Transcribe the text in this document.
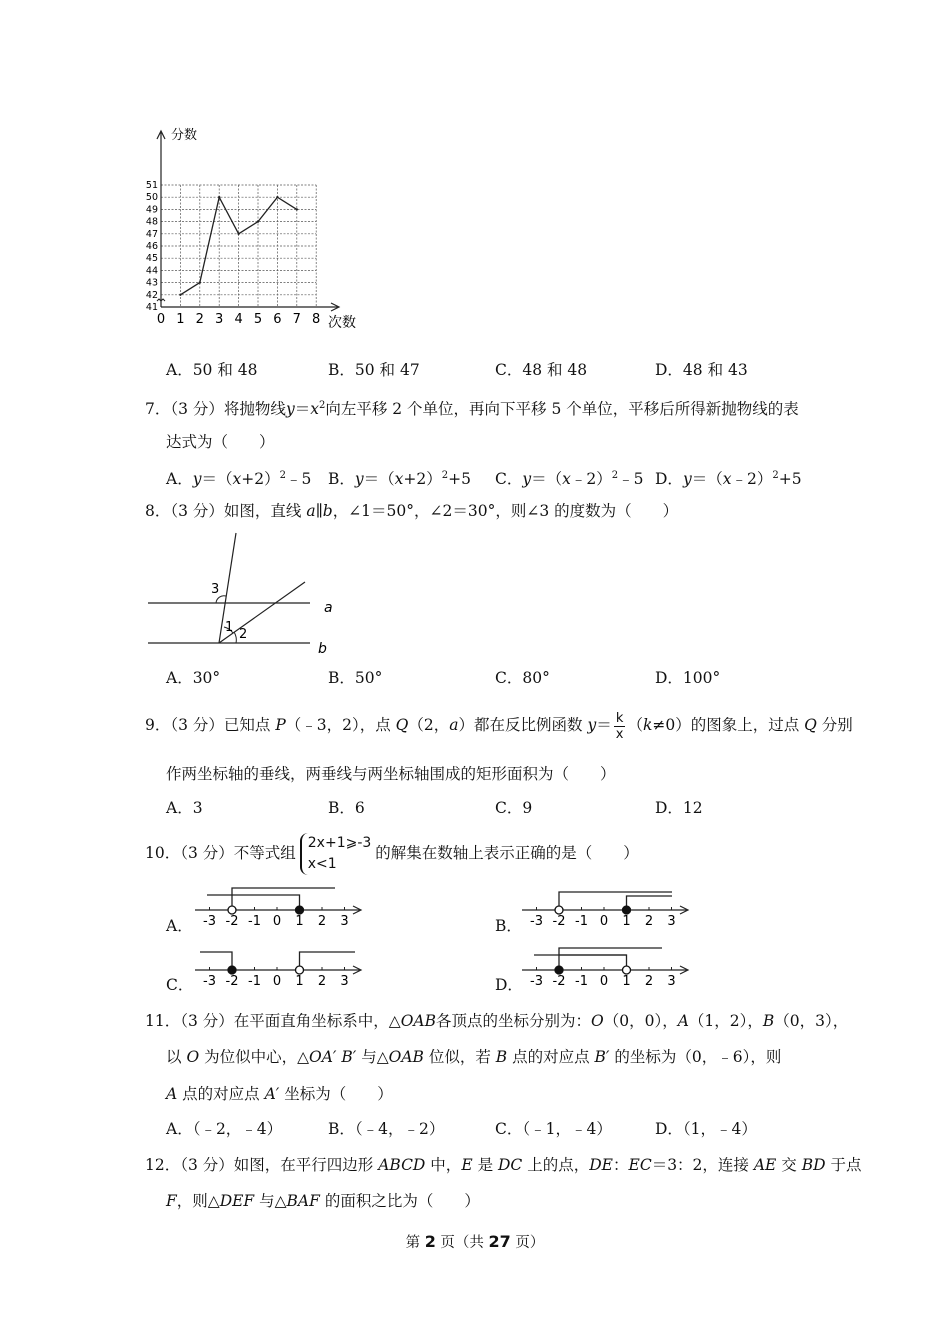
0 1 2 3 4 5 6 7 8
41
42
43
44
45
46
47
48
49
50
51
分数
次数
A．50 和 48	B．50 和 47	C．48 和 48	D．48 和 43
7．（3 分）将抛物线$y=x^2$向左平移 2 个单位，再向下平移 5 个单位，平移后所得新抛物线的表
达式为（　　）
A．$y=(x+2)^2﹣5$ B．$y=(x+2)^2+5$ C．y＝（x﹣2）$^2$﹣5 D．y＝（x﹣2）$^2$+5
8．（3 分）如图，直线 a∥b，∠1＝50°，∠2＝30°，则∠3 的度数为（　　）
3
1 2
a
b
A．30°	B．50°	C．80°	D．100°
9．（3 分）已知点 P（﹣3，2），点 Q（2，a）都在反比例函数 $y= \frac{k}{x} (k\ne 0)$的图象上，过点 Q 分别
作两坐标轴的垂线，两垂线与两坐标轴围成的矩形面积为（　　）
A．3	B．6	C．9	D．12
10．（3 分）不等式组
2x+1⩾-3
x<1
的解集在数轴上表示正确的是（　　）
A． -3 -2 -1 0 1 2 3	B． -3 -2 -1 0 1 2 3
C． -3 -2 -1 0 1 2 3	D． -3 -2 -1 0 1 2 3
11．（3 分）在平面直角坐标系中，△OAB各顶点的坐标分别为：O（0，0），A（1，2），B（0，3），
以 O 为位似中心，△OA′ B′ 与△OAB 位似，若 B 点的对应点 B′ 的坐标为（0，﹣6），则
A 点的对应点 A′ 坐标为（　　）
A．（﹣2，﹣4）	B．（﹣4，﹣2）	C．（﹣1，﹣4）	D．（1，﹣4）
12．（3 分）如图，在平行四边形 ABCD 中，E 是 DC 上的点，DE：EC＝3：2，连接 AE 交 BD 于点
F，则△DEF 与△BAF 的面积之比为（　　）
第 2 页（共 27 页）
